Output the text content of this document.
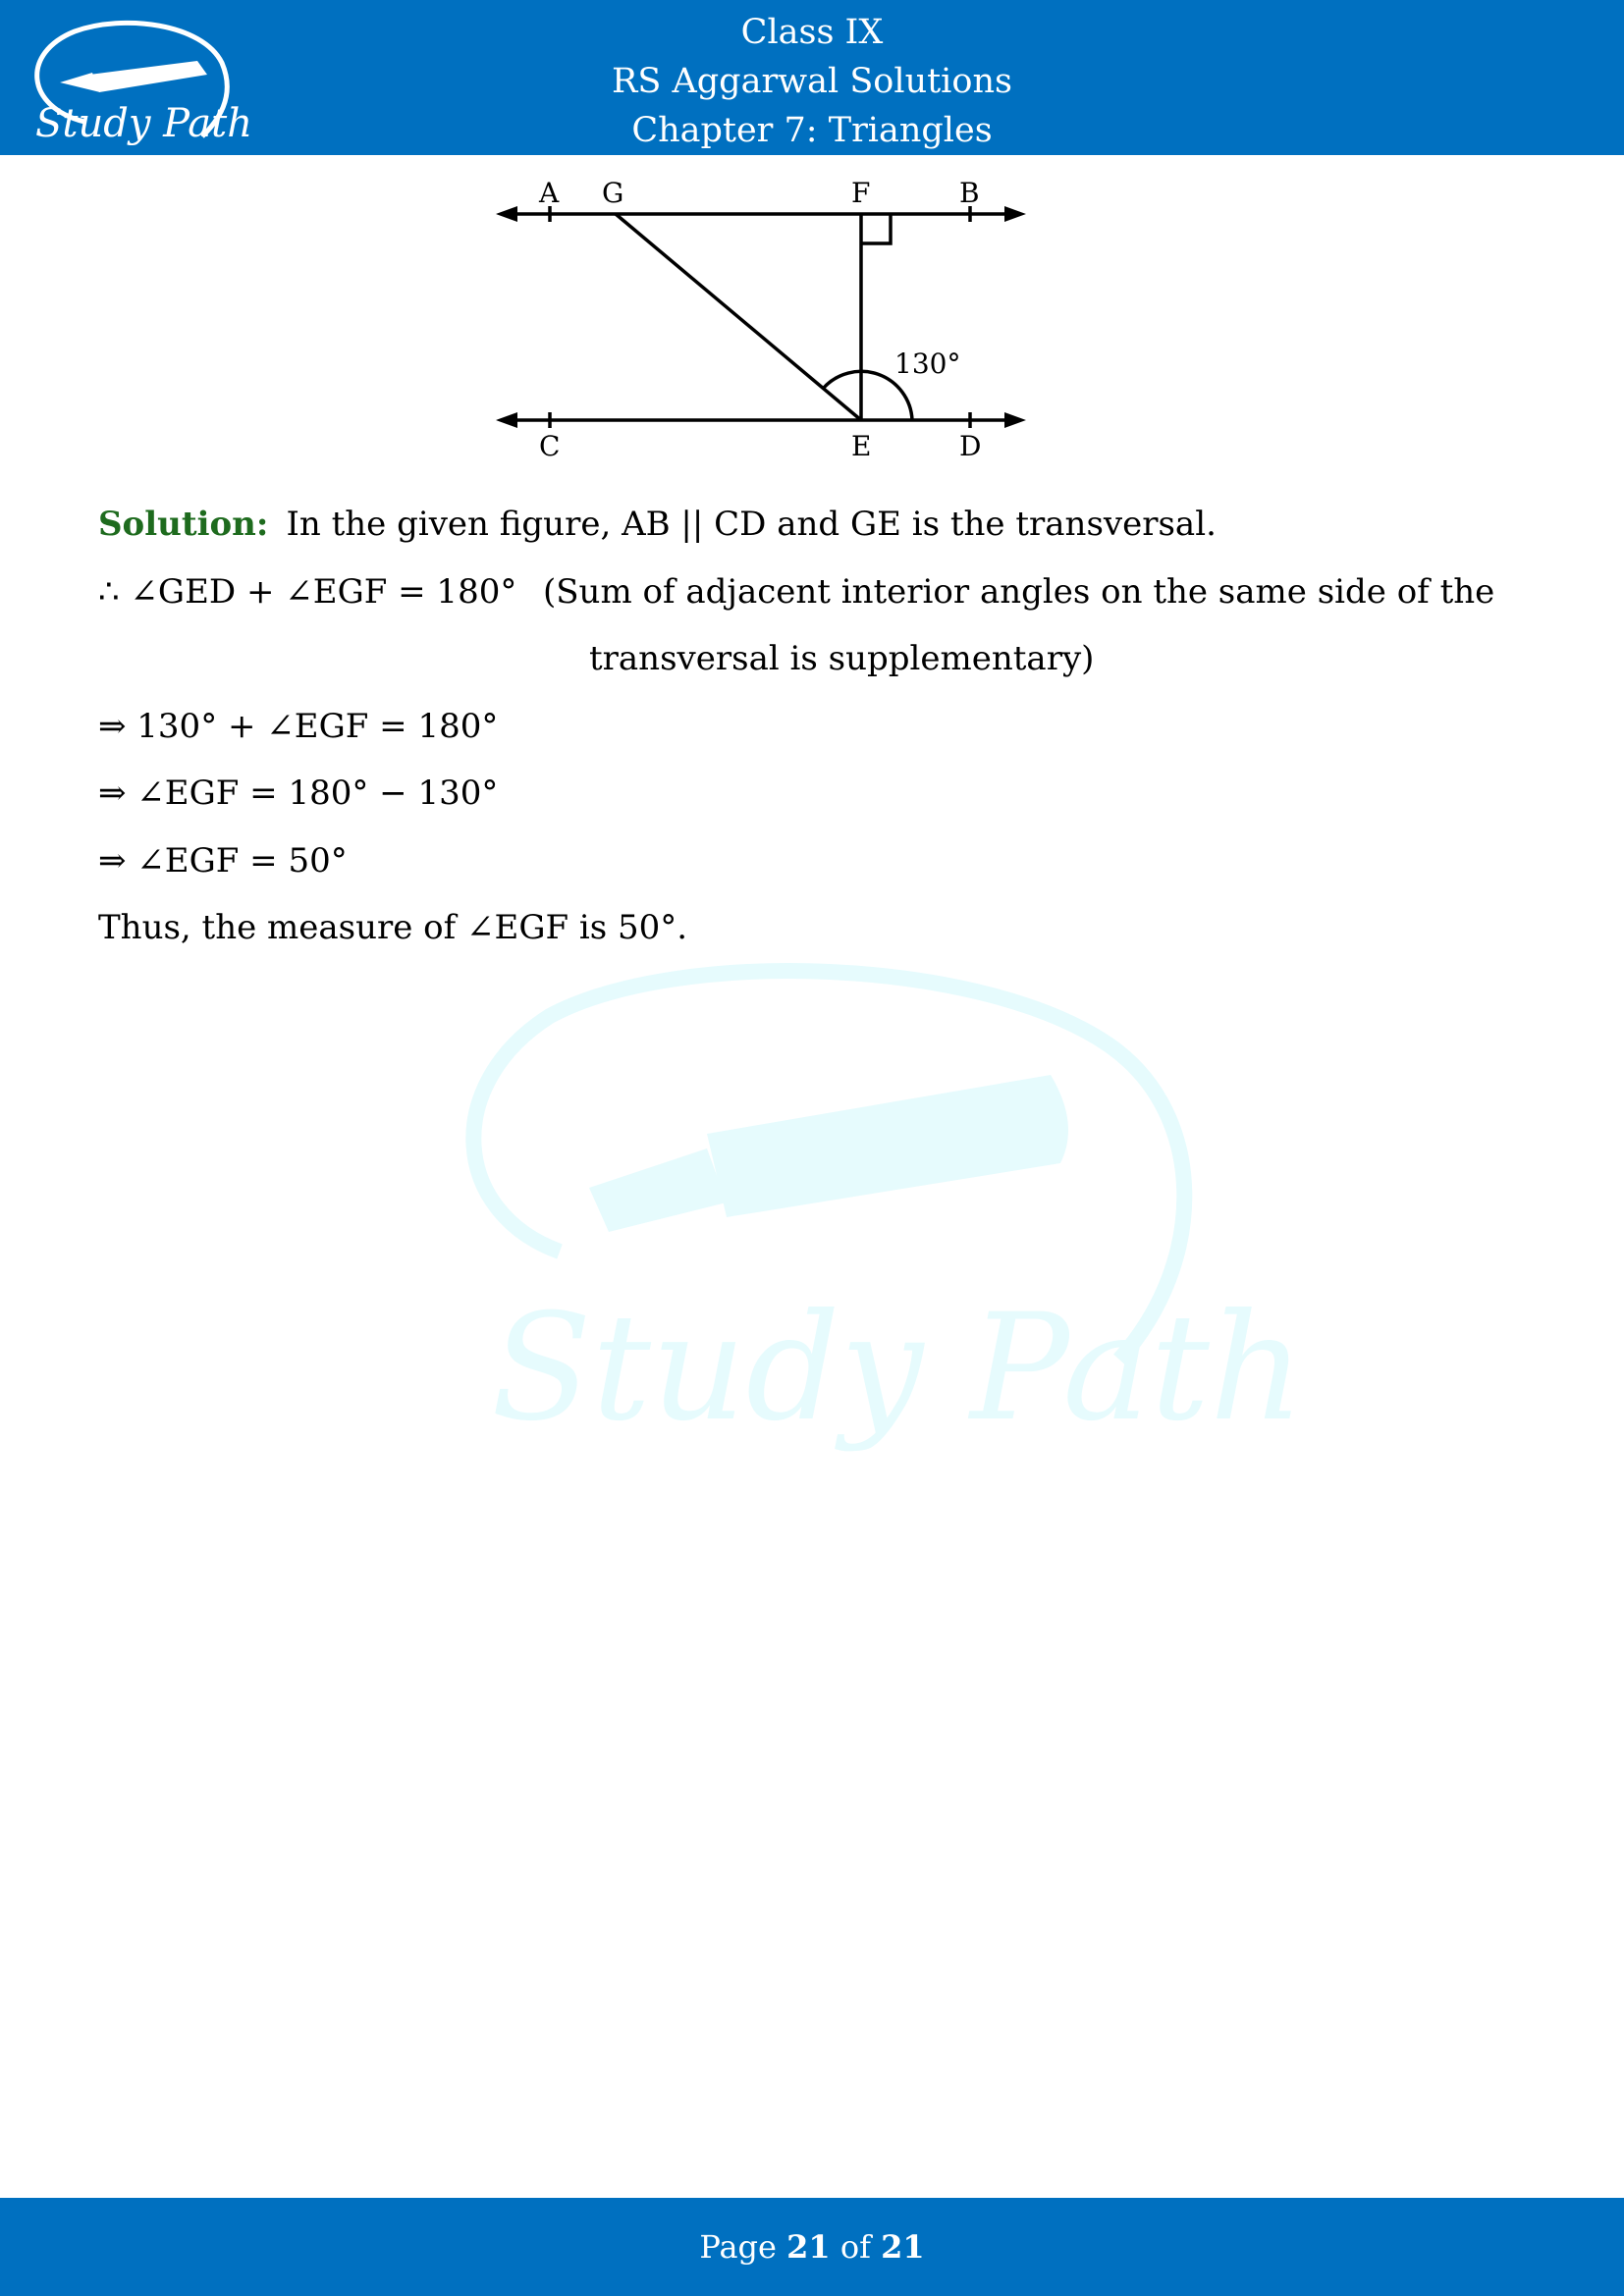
Study Path
Class IX
RS Aggarwal Solutions
Chapter 7: Triangles
A G	F	B
C	E	D
130°
Study Path
Solution: In the given figure, AB || CD and GE is the transversal.
∴ ∠GED + ∠EGF = 180° (Sum of adjacent interior angles on the same side of the
transversal is supplementary)
⇒ 130° + ∠EGF = 180°
⇒ ∠EGF = 180° − 130°
⇒ ∠EGF = 50°
Thus, the measure of ∠EGF is 50°.
Page 21 of 21
